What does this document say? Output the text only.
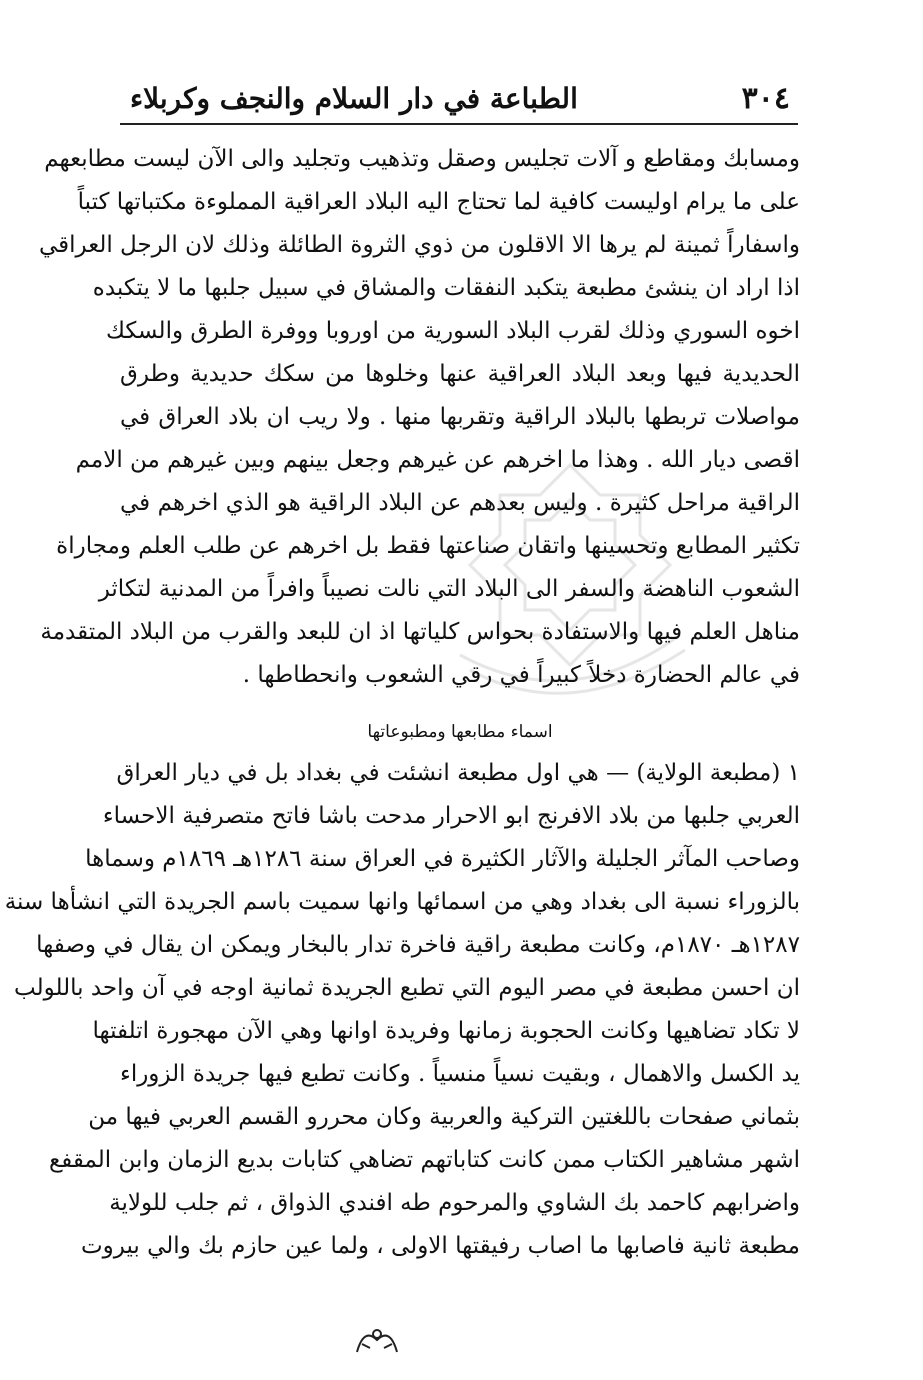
٣٠٤
الطباعة في دار السلام والنجف وكربلاء
ومسابك ومقاطع و آلات تجليس وصقل وتذهيب وتجليد والى الآن ليست مطابعهم
على ما يرام اوليست كافية لما تحتاج اليه البلاد العراقية المملوءة مكتباتها كتباً
واسفاراً ثمينة لم يرها الا الاقلون من ذوي الثروة الطائلة وذلك لان الرجل العراقي
اذا اراد ان ينشئ مطبعة يتكبد النفقات والمشاق في سبيل جلبها ما لا يتكبده
اخوه السوري وذلك لقرب البلاد السورية من اوروبا ووفرة الطرق والسكك
الحديدية فيها وبعد البلاد العراقية عنها وخلوها من سكك حديدية وطرق
مواصلات تربطها بالبلاد الراقية وتقربها منها . ولا ريب ان بلاد العراق في
اقصى ديار الله . وهذا ما اخرهم عن غيرهم وجعل بينهم وبين غيرهم من الامم
الراقية مراحل كثيرة . وليس بعدهم عن البلاد الراقية هو الذي اخرهم في
تكثير المطابع وتحسينها واتقان صناعتها فقط بل اخرهم عن طلب العلم ومجاراة
الشعوب الناهضة والسفر الى البلاد التي نالت نصيباً وافراً من المدنية لتكاثر
مناهل العلم فيها والاستفادة بحواس كلياتها اذ ان للبعد والقرب من البلاد المتقدمة
في عالم الحضارة دخلاً كبيراً في رقي الشعوب وانحطاطها .
اسماء مطابعها ومطبوعاتها
١ (مطبعة الولاية) — هي اول مطبعة انشئت في بغداد بل في ديار العراق
العربي جلبها من بلاد الافرنج ابو الاحرار مدحت باشا فاتح متصرفية الاحساء
وصاحب المآثر الجليلة والآثار الكثيرة في العراق سنة ١٢٨٦هـ ١٨٦٩م وسماها
بالزوراء نسبة الى بغداد وهي من اسمائها وانها سميت باسم الجريدة التي انشأها سنة
١٢٨٧هـ ١٨٧٠م، وكانت مطبعة راقية فاخرة تدار بالبخار ويمكن ان يقال في وصفها
ان احسن مطبعة في مصر اليوم التي تطبع الجريدة ثمانية اوجه في آن واحد باللولب
لا تكاد تضاهيها وكانت الحجوبة زمانها وفريدة اوانها وهي الآن مهجورة اتلفتها
يد الكسل والاهمال ، وبقيت نسياً منسياً . وكانت تطبع فيها جريدة الزوراء
بثماني صفحات باللغتين التركية والعربية وكان محررو القسم العربي فيها من
اشهر مشاهير الكتاب ممن كانت كتاباتهم تضاهي كتابات بديع الزمان وابن المقفع
واضرابهم كاحمد بك الشاوي والمرحوم طه افندي الذواق ، ثم جلب للولاية
مطبعة ثانية فاصابها ما اصاب رفيقتها الاولى ، ولما عين حازم بك والي بيروت
